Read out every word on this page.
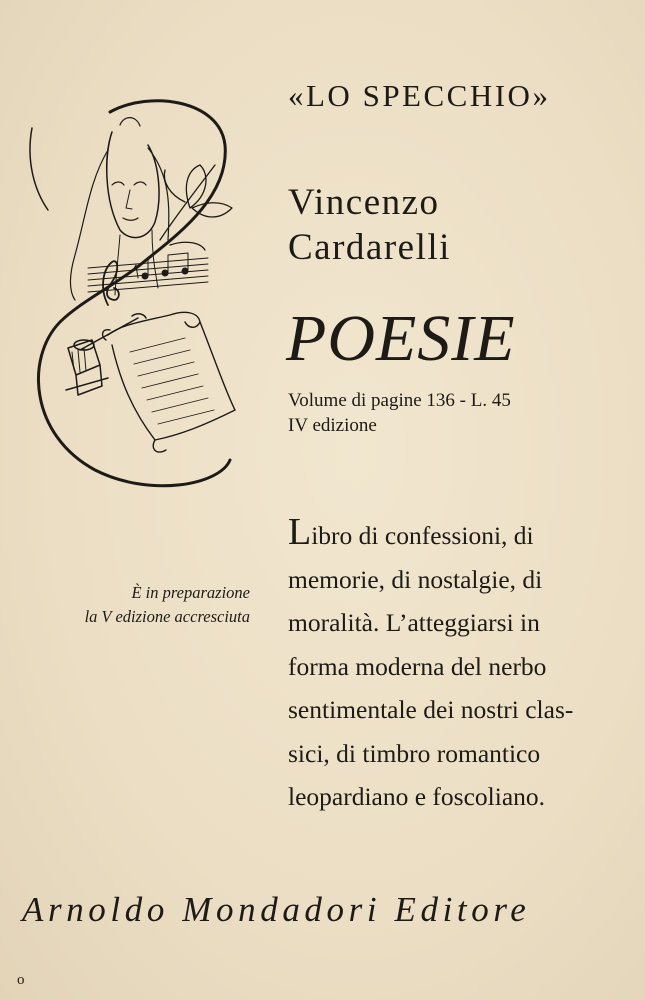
«LO SPECCHIO»
Vincenzo
Cardarelli
POESIE
Volume di pagine 136 - L. 45
IV edizione
È in preparazione
la V edizione accresciuta
Libro di confessioni, di
memorie, di nostalgie, di
moralità. L’atteggiarsi in
forma moderna del nerbo
sentimentale dei nostri clas-
sici, di timbro romantico
leopardiano e foscoliano.
Arnoldo Mondadori Editore
o
